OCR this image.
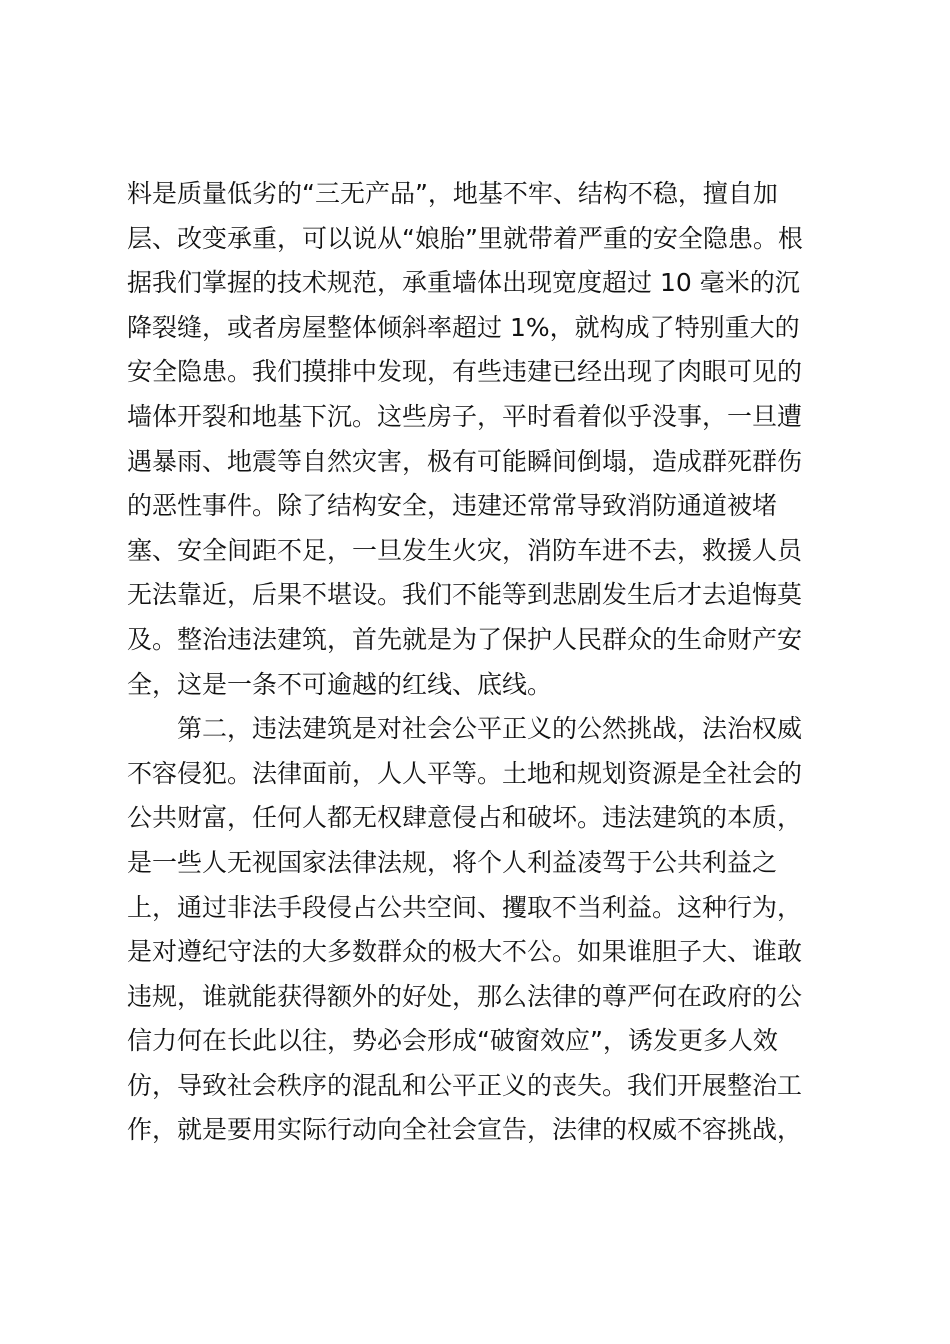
料是质量低劣的“三无产品”，地基不牢、结构不稳，擅自加
层、改变承重，可以说从“娘胎”里就带着严重的安全隐患。根
据我们掌握的技术规范，承重墙体出现宽度超过 10 毫米的沉
降裂缝，或者房屋整体倾斜率超过 1%，就构成了特别重大的
安全隐患。我们摸排中发现，有些违建已经出现了肉眼可见的
墙体开裂和地基下沉。这些房子，平时看着似乎没事，一旦遭
遇暴雨、地震等自然灾害，极有可能瞬间倒塌，造成群死群伤
的恶性事件。除了结构安全，违建还常常导致消防通道被堵
塞、安全间距不足，一旦发生火灾，消防车进不去，救援人员
无法靠近，后果不堪设。我们不能等到悲剧发生后才去追悔莫
及。整治违法建筑，首先就是为了保护人民群众的生命财产安
全，这是一条不可逾越的红线、底线。
第二，违法建筑是对社会公平正义的公然挑战，法治权威
不容侵犯。法律面前，人人平等。土地和规划资源是全社会的
公共财富，任何人都无权肆意侵占和破坏。违法建筑的本质，
是一些人无视国家法律法规，将个人利益凌驾于公共利益之
上，通过非法手段侵占公共空间、攫取不当利益。这种行为，
是对遵纪守法的大多数群众的极大不公。如果谁胆子大、谁敢
违规，谁就能获得额外的好处，那么法律的尊严何在政府的公
信力何在长此以往，势必会形成“破窗效应”，诱发更多人效
仿，导致社会秩序的混乱和公平正义的丧失。我们开展整治工
作，就是要用实际行动向全社会宣告，法律的权威不容挑战，
